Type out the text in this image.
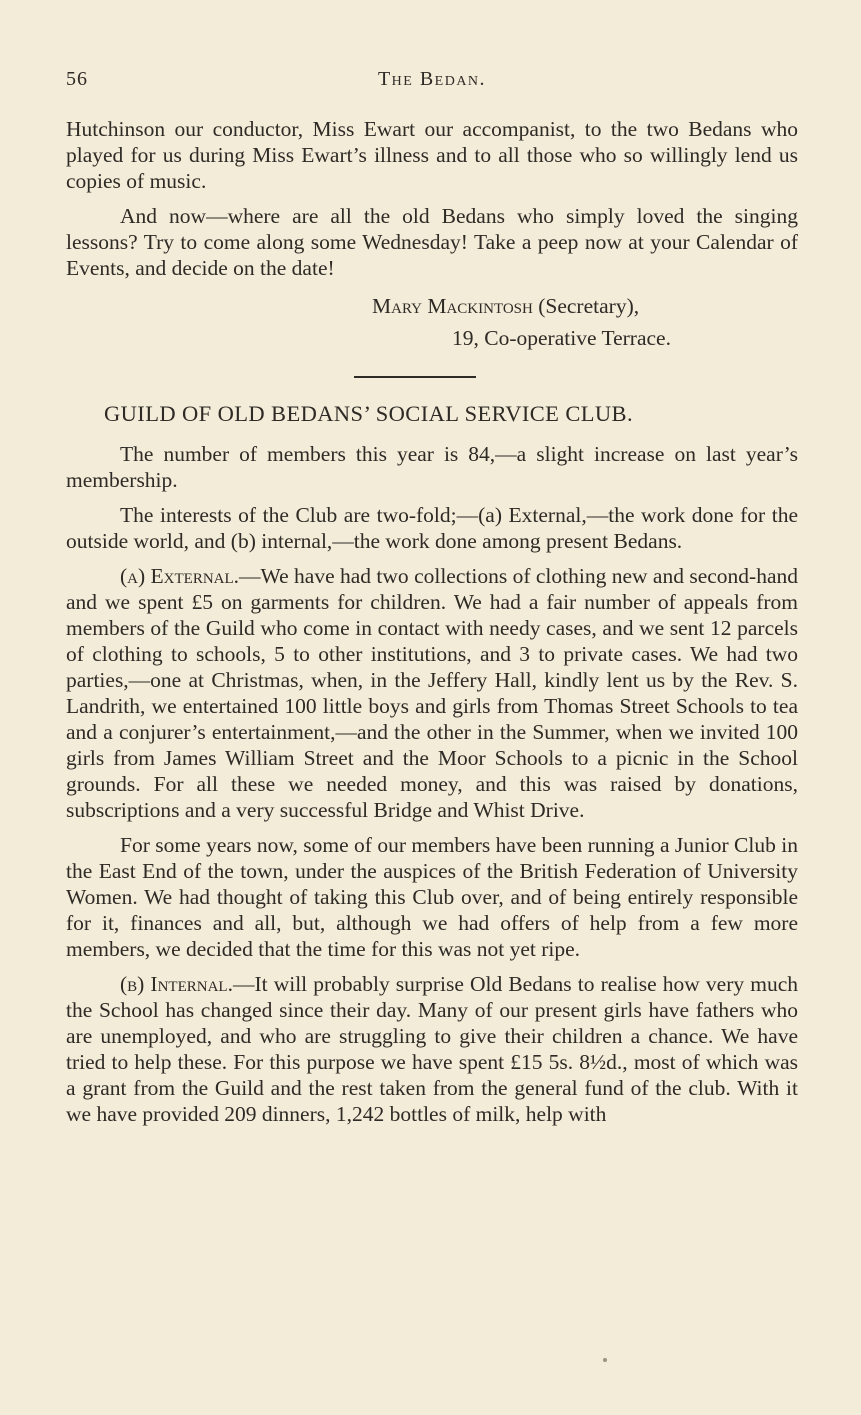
56	The Bedan.

Hutchinson our conductor, Miss Ewart our accompanist, to the two Bedans who played for us during Miss Ewart’s illness and to all those who so willingly lend us copies of music.

And now—where are all the old Bedans who simply loved the singing lessons? Try to come along some Wednesday! Take a peep now at your Calendar of Events, and decide on the date!

Mary Mackintosh (Secretary),
19, Co-operative Terrace.
GUILD OF OLD BEDANS’ SOCIAL SERVICE CLUB.

The number of members this year is 84,—a slight increase on last year’s membership.

The interests of the Club are two-fold;—(a) External,—the work done for the outside world, and (b) internal,—the work done among present Bedans.

(a) External.—We have had two collections of clothing new and second-hand and we spent £5 on garments for children. We had a fair number of appeals from members of the Guild who come in contact with needy cases, and we sent 12 parcels of clothing to schools, 5 to other institutions, and 3 to private cases. We had two parties,—one at Christmas, when, in the Jeffery Hall, kindly lent us by the Rev. S. Landrith, we entertained 100 little boys and girls from Thomas Street Schools to tea and a conjurer’s entertainment,—and the other in the Summer, when we invited 100 girls from James William Street and the Moor Schools to a picnic in the School grounds. For all these we needed money, and this was raised by donations, subscriptions and a very successful Bridge and Whist Drive.

For some years now, some of our members have been running a Junior Club in the East End of the town, under the auspices of the British Federation of University Women. We had thought of taking this Club over, and of being entirely responsible for it, finances and all, but, although we had offers of help from a few more members, we decided that the time for this was not yet ripe.

(b) Internal.—It will probably surprise Old Bedans to realise how very much the School has changed since their day. Many of our present girls have fathers who are unemployed, and who are struggling to give their children a chance. We have tried to help these. For this purpose we have spent £15 5s. 8½d., most of which was a grant from the Guild and the rest taken from the general fund of the club. With it we have provided 209 dinners, 1,242 bottles of milk, help with
